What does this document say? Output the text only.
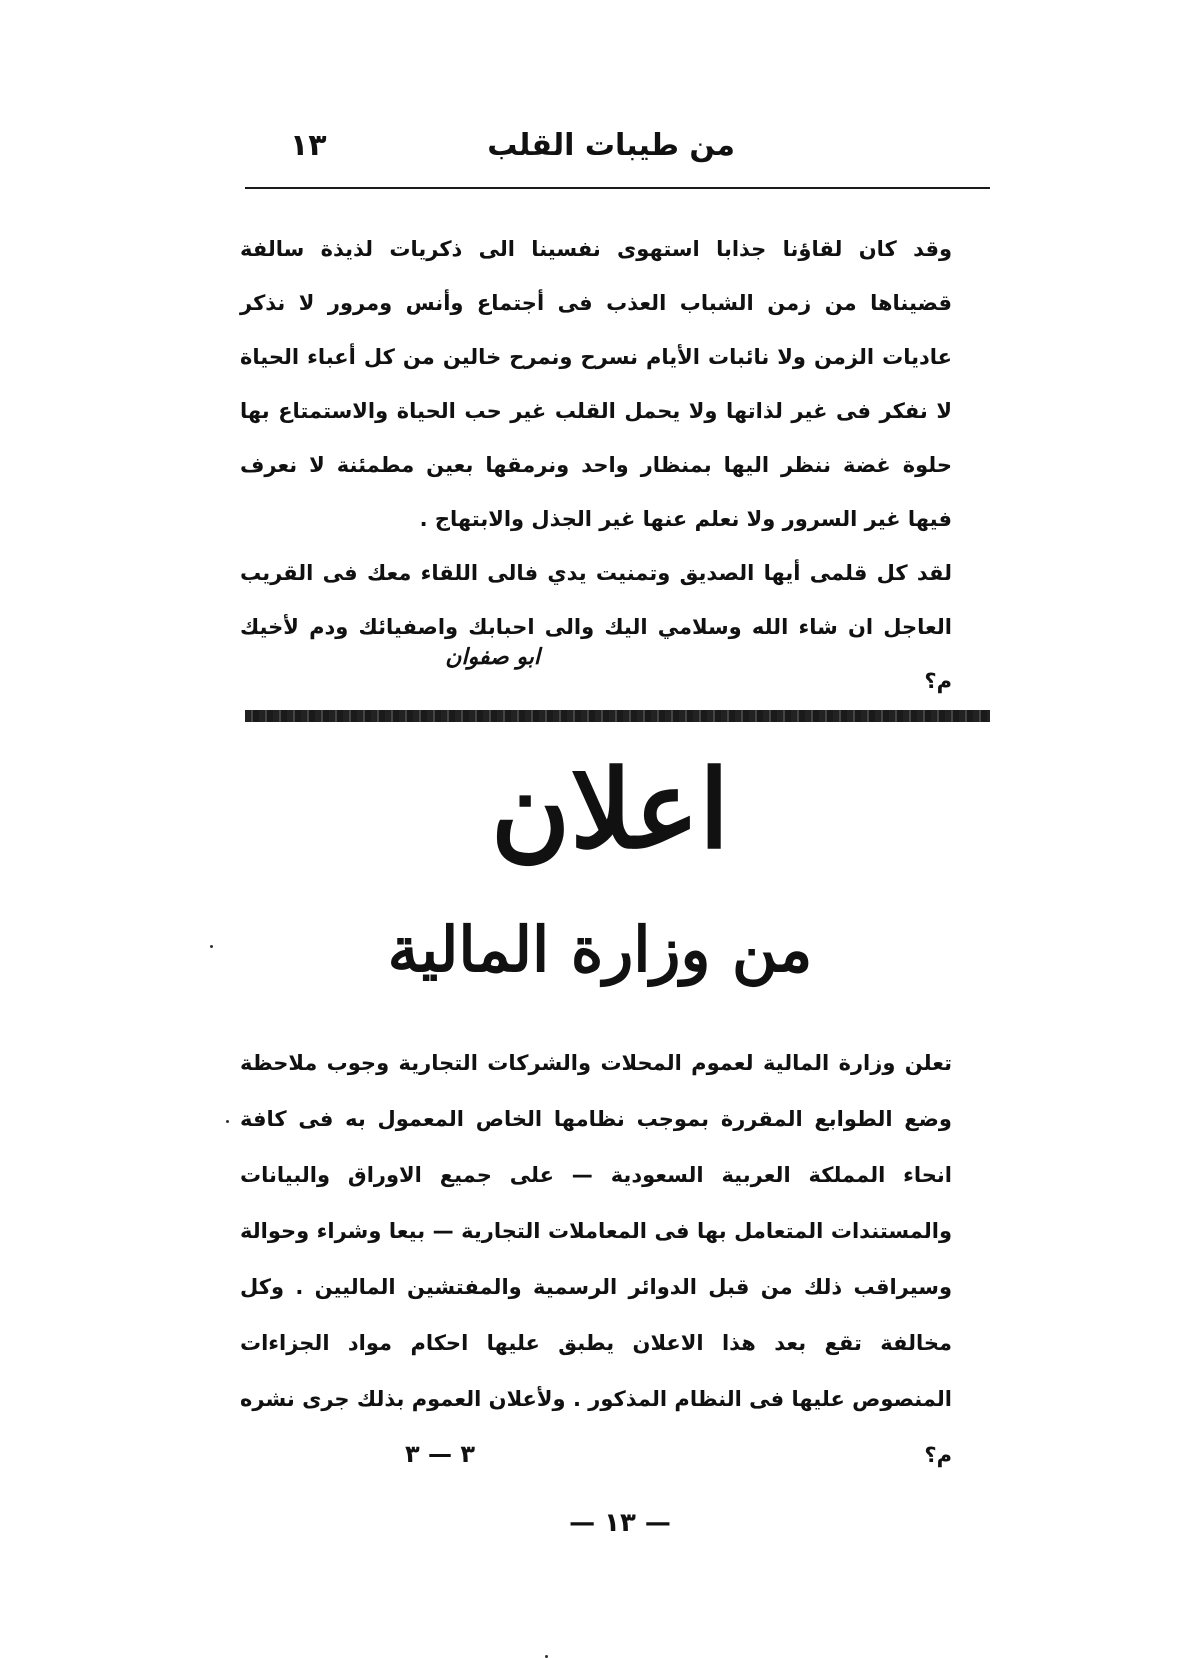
من طيبات القلب
١٣

وقد كان لقاؤنا جذابا استهوى نفسينا الى ذكريات لذيذة سالفة قضيناها من زمن الشباب العذب فى أجتماع وأنس ومرور لا نذكر عاديات الزمن ولا نائبات الأيام نسرح ونمرح خالين من كل أعباء الحياة لا نفكر فى غير لذاتها ولا يحمل القلب غير حب الحياة والاستمتاع بها حلوة غضة ننظر اليها بمنظار واحد ونرمقها بعين مطمئنة لا نعرف فيها غير السرور ولا نعلم عنها غير الجذل والابتهاج .

لقد كل قلمى أيها الصديق وتمنيت يدي فالى اللقاء معك فى القريب العاجل ان شاء الله وسلامي اليك والى احبابك واصفيائك ودم لأخيك م؟

ابو صفوان
اعلان
من وزارة المالية

تعلن وزارة المالية لعموم المحلات والشركات التجارية وجوب ملاحظة وضع الطوابع المقررة بموجب نظامها الخاص المعمول به فى كافة انحاء المملكة العربية السعودية — على جميع الاوراق والبيانات والمستندات المتعامل بها فى المعاملات التجارية — بيعا وشراء وحوالة وسيراقب ذلك من قبل الدوائر الرسمية والمفتشين الماليين . وكل مخالفة تقع بعد هذا الاعلان يطبق عليها احكام مواد الجزاءات المنصوص عليها فى النظام المذكور . ولأعلان العموم بذلك جرى نشره م؟

٣ — ٣
— ١٣ —
